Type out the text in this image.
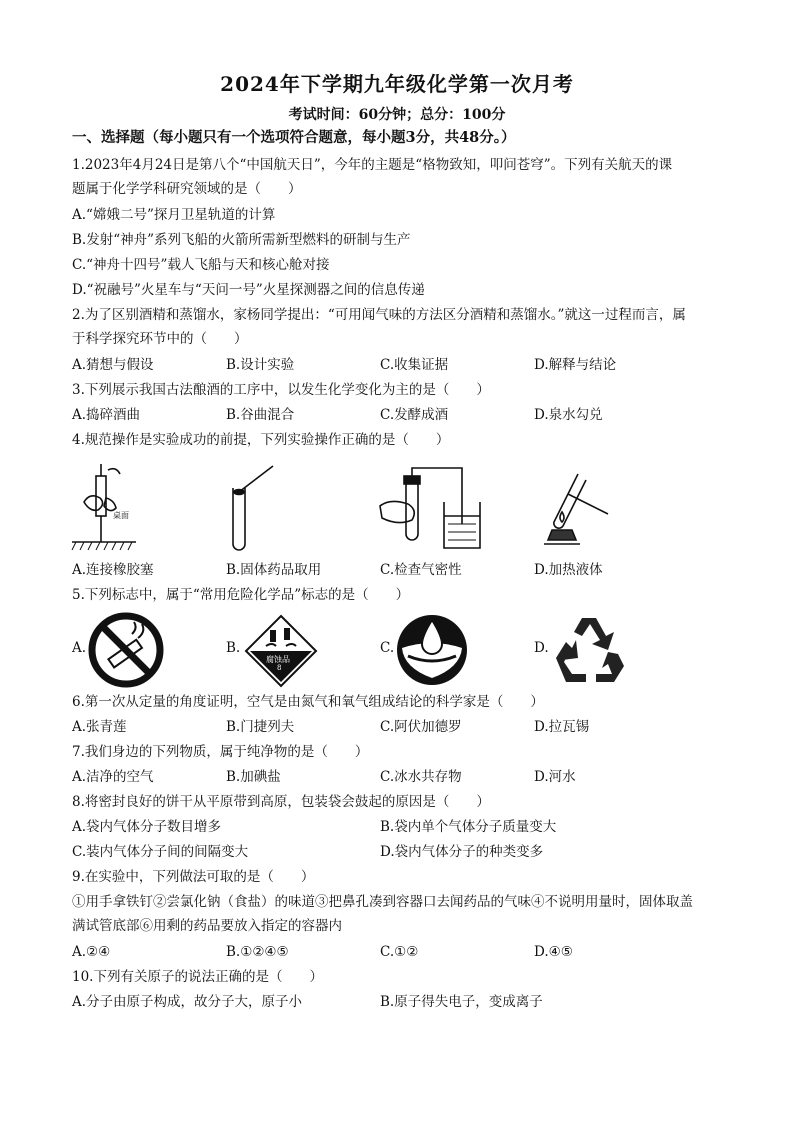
2024年下学期九年级化学第一次月考
考试时间：60分钟；总分：100分
一、选择题（每小题只有一个选项符合题意，每小题3分，共48分。）
1.2023年4月24日是第八个“中国航天日”，今年的主题是“格物致知，叩问苍穹”。下列有关航天的课
题属于化学学科研究领域的是（　　）
A.“嫦娥二号”探月卫星轨道的计算
B.发射“神舟”系列飞船的火箭所需新型燃料的研制与生产
C.“神舟十四号”载人飞船与天和核心舱对接
D.“祝融号”火星车与“天问一号”火星探测器之间的信息传递
2.为了区别酒精和蒸馏水，家杨同学提出：“可用闻气味的方法区分酒精和蒸馏水。”就这一过程而言，属
于科学探究环节中的（　　）
A.猜想与假设	B.设计实验	C.收集证据	D.解释与结论
3.下列展示我国古法酿酒的工序中，以发生化学变化为主的是（　　）
A.捣碎酒曲	B.谷曲混合	C.发酵成酒	D.泉水勾兑
4.规范操作是实验成功的前提，下列实验操作正确的是（　　）
桌面
A.连接橡胶塞	B.固体药品取用	C.检查气密性	D.加热液体
5.下列标志中，属于“常用危险化学品”标志的是（　　）
A.	B.
腐蚀品
8
C.	D.
6.第一次从定量的角度证明，空气是由氮气和氧气组成结论的科学家是（　　）
A.张青莲	B.门捷列夫	C.阿伏加德罗	D.拉瓦锡
7.我们身边的下列物质，属于纯净物的是（　　）
A.洁净的空气	B.加碘盐	C.冰水共存物	D.河水
8.将密封良好的饼干从平原带到高原，包装袋会鼓起的原因是（　　）
A.袋内气体分子数目增多	B.袋内单个气体分子质量变大
C.装内气体分子间的间隔变大	D.袋内气体分子的种类变多
9.在实验中，下列做法可取的是（　　）
①用手拿铁钉②尝氯化钠（食盐）的味道③把鼻孔凑到容器口去闻药品的气味④不说明用量时，固体取盖
满试管底部⑥用剩的药品要放入指定的容器内
A.②④	B.①②④⑤	C.①②	D.④⑤
10.下列有关原子的说法正确的是（　　）
A.分子由原子构成，故分子大，原子小	B.原子得失电子，变成离子
